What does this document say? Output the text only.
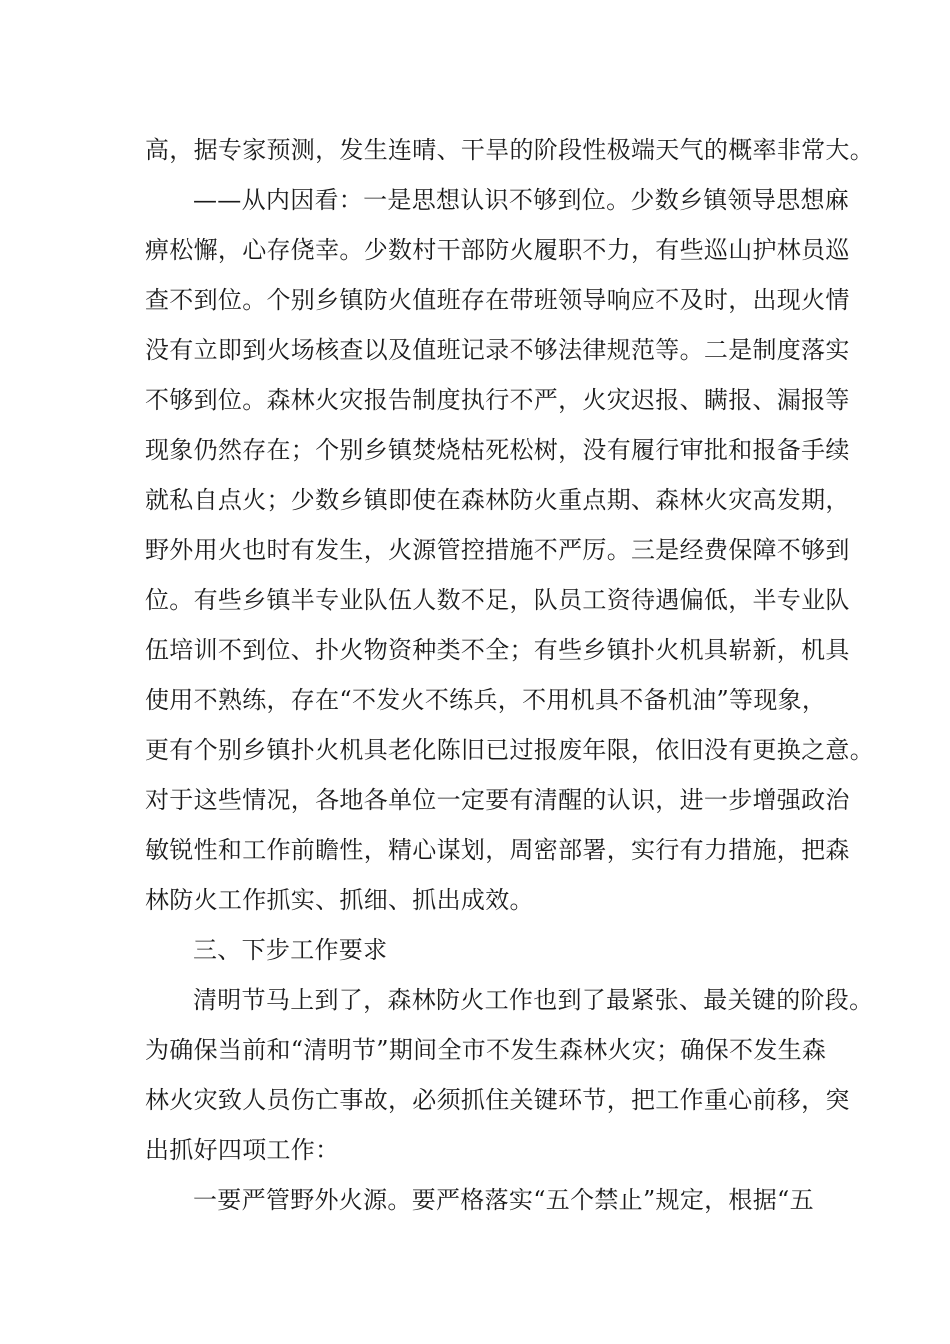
高，据专家预测，发生连晴、干旱的阶段性极端天气的概率非常大。
——从内因看：一是思想认识不够到位。少数乡镇领导思想麻
痹松懈，心存侥幸。少数村干部防火履职不力，有些巡山护林员巡
查不到位。个别乡镇防火值班存在带班领导响应不及时，出现火情
没有立即到火场核查以及值班记录不够法律规范等。二是制度落实
不够到位。森林火灾报告制度执行不严，火灾迟报、瞒报、漏报等
现象仍然存在；个别乡镇焚烧枯死松树，没有履行审批和报备手续
就私自点火；少数乡镇即使在森林防火重点期、森林火灾高发期，
野外用火也时有发生，火源管控措施不严厉。三是经费保障不够到
位。有些乡镇半专业队伍人数不足，队员工资待遇偏低，半专业队
伍培训不到位、扑火物资种类不全；有些乡镇扑火机具崭新，机具
使用不熟练，存在“不发火不练兵，不用机具不备机油”等现象，
更有个别乡镇扑火机具老化陈旧已过报废年限，依旧没有更换之意。
对于这些情况，各地各单位一定要有清醒的认识，进一步增强政治
敏锐性和工作前瞻性，精心谋划，周密部署，实行有力措施，把森
林防火工作抓实、抓细、抓出成效。
三、下步工作要求
清明节马上到了，森林防火工作也到了最紧张、最关键的阶段。
为确保当前和“清明节”期间全市不发生森林火灾；确保不发生森
林火灾致人员伤亡事故，必须抓住关键环节，把工作重心前移，突
出抓好四项工作：
一要严管野外火源。要严格落实“五个禁止”规定，根据“五
